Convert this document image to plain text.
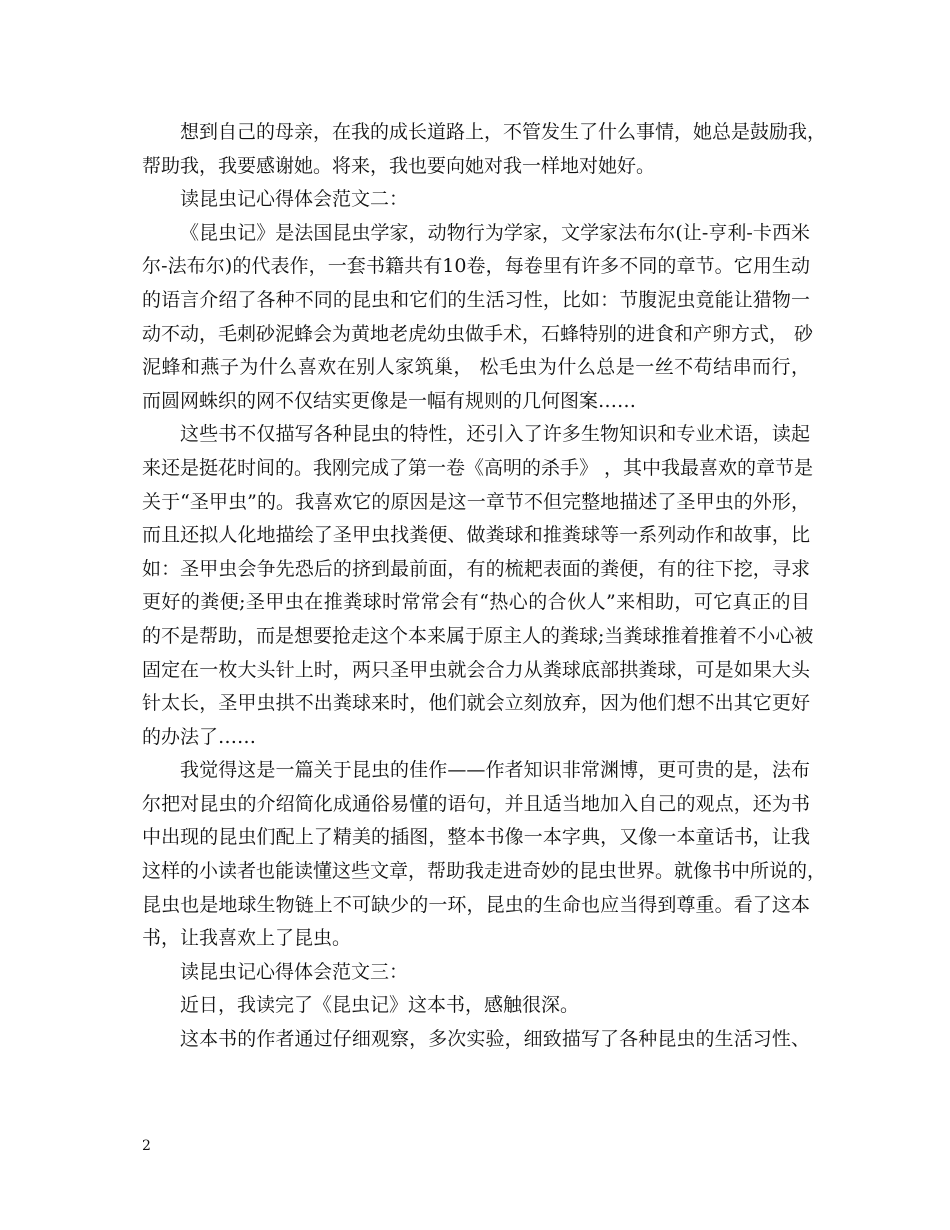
想到自己的母亲，在我的成长道路上，不管发生了什么事情，她总是鼓励我，
帮助我，我要感谢她。将来，我也要向她对我一样地对她好。
读昆虫记心得体会范文二：
《昆虫记》是法国昆虫学家，动物行为学家，文学家法布尔(让-亨利-卡西米
尔-法布尔)的代表作，一套书籍共有10卷，每卷里有许多不同的章节。它用生动
的语言介绍了各种不同的昆虫和它们的生活习性，比如：节腹泥虫竟能让猎物一
动不动，毛刺砂泥蜂会为黄地老虎幼虫做手术，石蜂特别的进食和产卵方式， 砂
泥蜂和燕子为什么喜欢在别人家筑巢， 松毛虫为什么总是一丝不苟结串而行，
而圆网蛛织的网不仅结实更像是一幅有规则的几何图案……
这些书不仅描写各种昆虫的特性，还引入了许多生物知识和专业术语，读起
来还是挺花时间的。我刚完成了第一卷《高明的杀手》 ，其中我最喜欢的章节是
关于“圣甲虫”的。我喜欢它的原因是这一章节不但完整地描述了圣甲虫的外形，
而且还拟人化地描绘了圣甲虫找粪便、做粪球和推粪球等一系列动作和故事，比
如：圣甲虫会争先恐后的挤到最前面，有的梳耙表面的粪便，有的往下挖，寻求
更好的粪便;圣甲虫在推粪球时常常会有“热心的合伙人”来相助，可它真正的目
的不是帮助，而是想要抢走这个本来属于原主人的粪球;当粪球推着推着不小心被
固定在一枚大头针上时，两只圣甲虫就会合力从粪球底部拱粪球，可是如果大头
针太长，圣甲虫拱不出粪球来时，他们就会立刻放弃，因为他们想不出其它更好
的办法了……
我觉得这是一篇关于昆虫的佳作——作者知识非常渊博，更可贵的是，法布
尔把对昆虫的介绍简化成通俗易懂的语句，并且适当地加入自己的观点，还为书
中出现的昆虫们配上了精美的插图，整本书像一本字典，又像一本童话书，让我
这样的小读者也能读懂这些文章，帮助我走进奇妙的昆虫世界。就像书中所说的，
昆虫也是地球生物链上不可缺少的一环，昆虫的生命也应当得到尊重。看了这本
书，让我喜欢上了昆虫。
读昆虫记心得体会范文三：
近日，我读完了《昆虫记》这本书，感触很深。
这本书的作者通过仔细观察，多次实验，细致描写了各种昆虫的生活习性、
2
